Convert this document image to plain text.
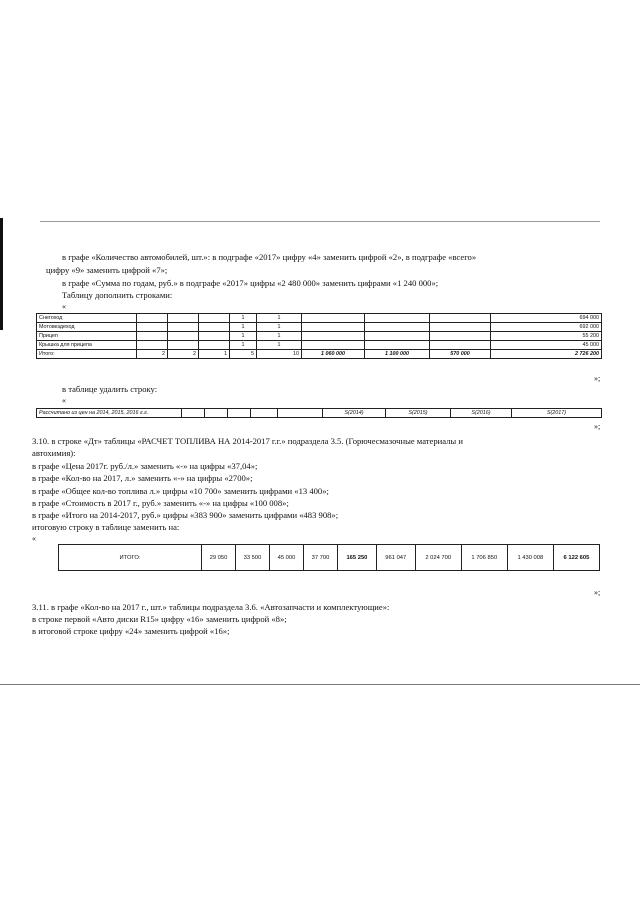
в графе «Количество автомобилей, шт.»: в подграфе «2017» цифру «4» заменить цифрой «2», в подграфе «всего»
цифру «9» заменить цифрой «7»;
в графе «Сумма по годам, руб.» в подграфе «2017» цифры «2 480 000» заменить цифрами «1 240 000»;
Таблицу дополнить строками:
«
Снегоход				1	1				694 000
Мотовездеход				1	1				692 000
Прицеп				1	1				55 200
Крышка для прицепа				1	1				45 000
Итого:	2	2	1	5	10	1 060 000	1 100 000	570 000	2 726 200
»;
в таблице удалить строку:
«
Рассчитано из цен на 2014, 2015, 2016 г.г.						S(2014)	S(2015)	S(2016)	S(2017)
»;
3.10. в строке «Дт» таблицы «РАСЧЕТ ТОПЛИВА НА 2014-2017 г.г.» подраздела 3.5. (Горючесмазочные материалы и
автохимия):
в графе «Цена 2017г. руб./л.» заменить «-» на цифры «37,04»;
в графе «Кол-во на 2017, л.» заменить «-» на цифры «2700»;
в графе «Общее кол-во топлива л.» цифры «10 700» заменить цифрами «13 400»;
в графе «Стоимость в 2017 г., руб.» заменить «-» на цифры «100 008»;
в графе «Итого на 2014-2017, руб.» цифры «383 900» заменить цифрами «483 908»;
итоговую строку в таблице заменить на:
«
ИТОГО:	29 050	33 500	45 000	37 700	165 250	961 047	2 024 700	1 706 850	1 430 008	6 122 605
»;
3.11. в графе «Кол-во на 2017 г., шт.» таблицы подраздела 3.6. «Автозапчасти и комплектующие»:
в строке первой «Авто диски R15» цифру «16» заменить цифрой «8»;
в итоговой строке цифру «24» заменить цифрой «16»;
